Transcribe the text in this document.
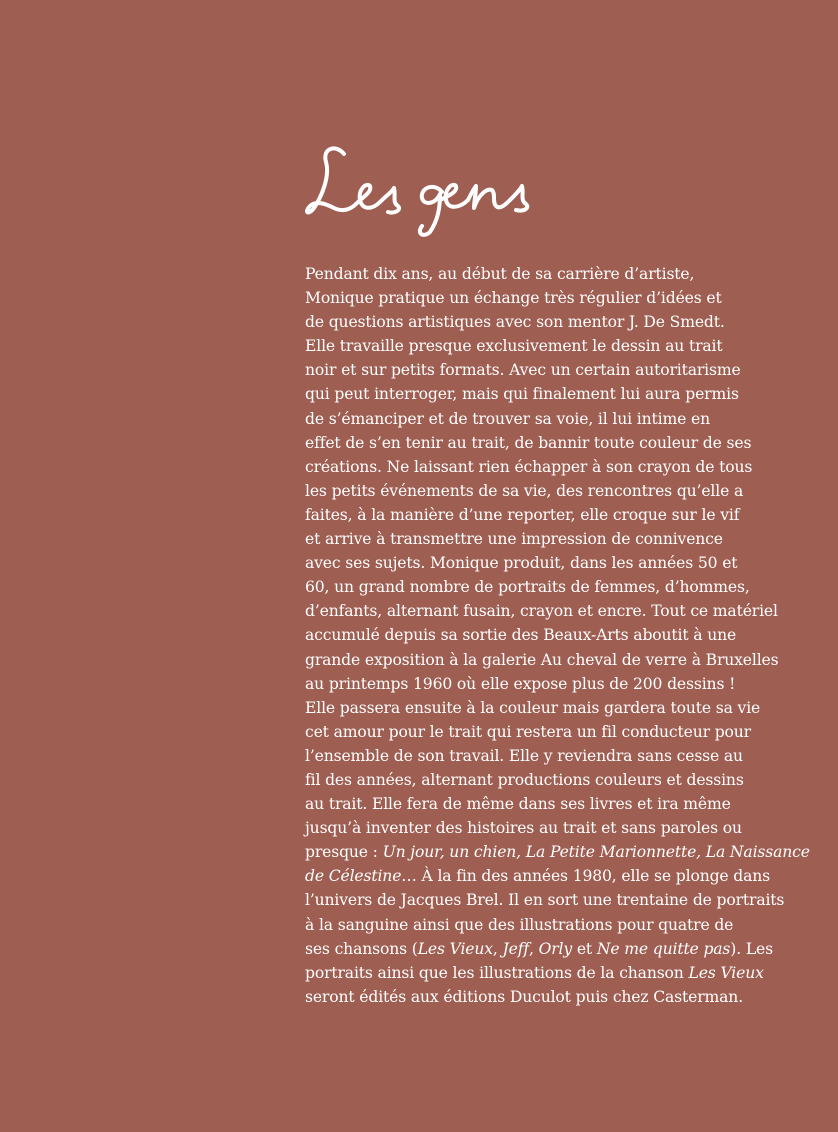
Les gens
Pendant dix ans, au début de sa carrière d’artiste,
Monique pratique un échange très régulier d’idées et
de questions artistiques avec son mentor J. De Smedt.
Elle travaille presque exclusivement le dessin au trait
noir et sur petits formats. Avec un certain autoritarisme
qui peut interroger, mais qui finalement lui aura permis
de s’émanciper et de trouver sa voie, il lui intime en
effet de s’en tenir au trait, de bannir toute couleur de ses
créations. Ne laissant rien échapper à son crayon de tous
les petits événements de sa vie, des rencontres qu’elle a
faites, à la manière d’une reporter, elle croque sur le vif
et arrive à transmettre une impression de connivence
avec ses sujets. Monique produit, dans les années 50 et
60, un grand nombre de portraits de femmes, d’hommes,
d’enfants, alternant fusain, crayon et encre. Tout ce matériel
accumulé depuis sa sortie des Beaux-Arts aboutit à une
grande exposition à la galerie Au cheval de verre à Bruxelles
au printemps 1960 où elle expose plus de 200 dessins !
Elle passera ensuite à la couleur mais gardera toute sa vie
cet amour pour le trait qui restera un fil conducteur pour
l’ensemble de son travail. Elle y reviendra sans cesse au
fil des années, alternant productions couleurs et dessins
au trait. Elle fera de même dans ses livres et ira même
jusqu’à inventer des histoires au trait et sans paroles ou
presque : Un jour, un chien, La Petite Marionnette, La Naissance
de Célestine… À la fin des années 1980, elle se plonge dans
l’univers de Jacques Brel. Il en sort une trentaine de portraits
à la sanguine ainsi que des illustrations pour quatre de
ses chansons (Les Vieux, Jeff, Orly et Ne me quitte pas). Les
portraits ainsi que les illustrations de la chanson Les Vieux
seront édités aux éditions Duculot puis chez Casterman.
